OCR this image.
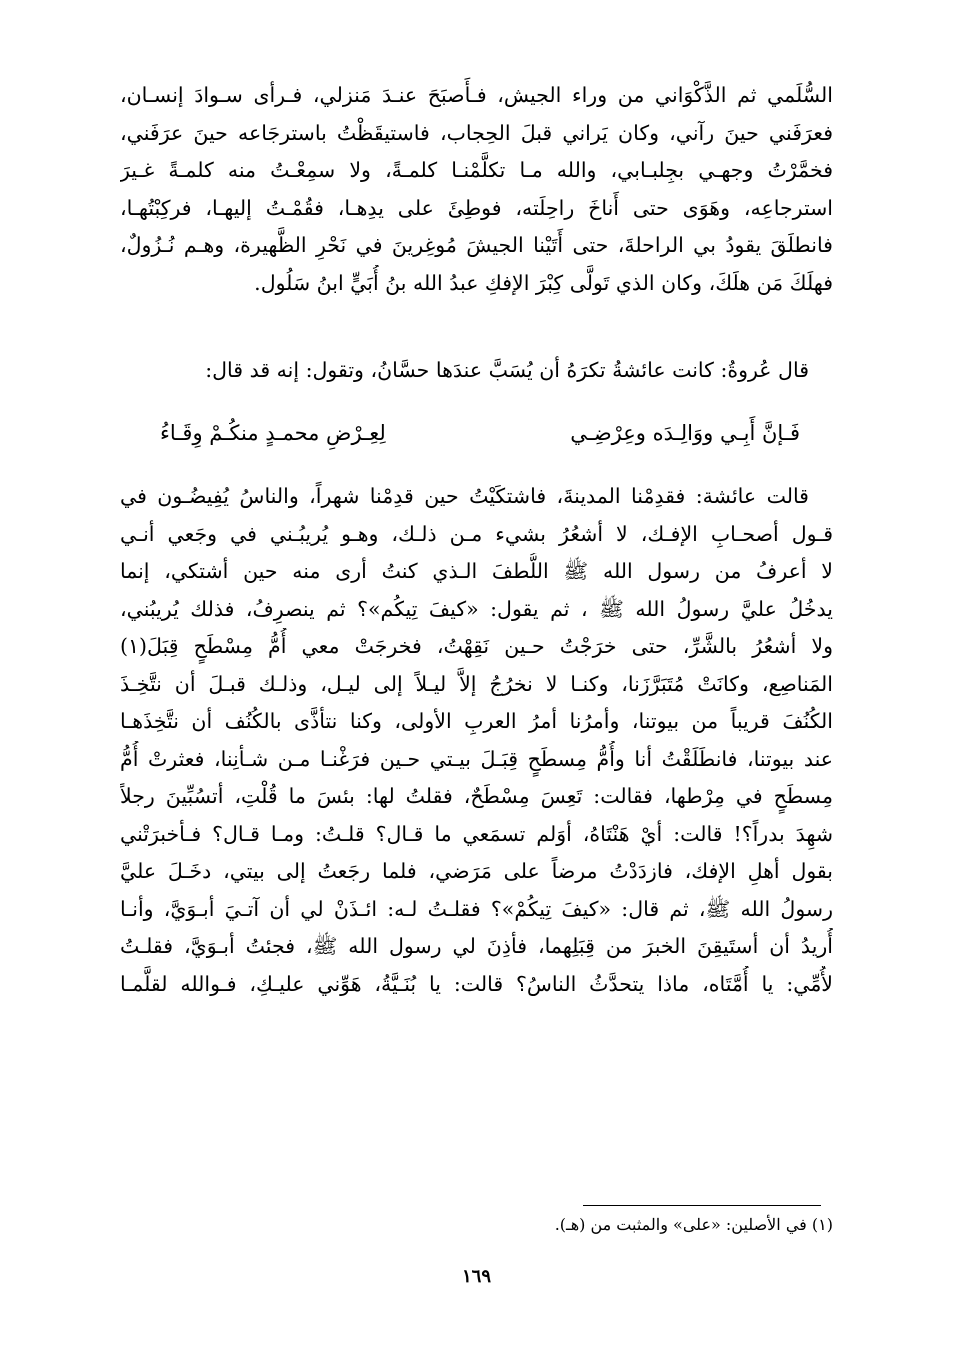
السُّلَمي ثم الذَّكْوَاني من وراء الجيش، فـأَصبَحَ عنـدَ مَنزلي، فـرأى سـوادَ إنسـان،
فعرَفَني حينَ رآني، وكان يَراني قبلَ الحِجاب، فاستيقَظْتُ باسترجَاعه حينَ عرَفَني،
فخمَّرْتُ وجهـي بجِلبـابي، والله مـا تكلَّمْنـا كلمـةً، ولا سمِعْـتُ منه كلمـةً غـيرَ
استرجاعِه، وهَوَى حتى أَناخَ راحِلَته، فوطِئَ على يدِهـا، فقُمْـتُ إليهـا، فركِبْتُهـا،
فانطلَقَ يقودُ بي الراحلةَ، حتى أَتَيْنا الجيشَ مُوغِرينَ في نَحْرِ الظَّهيرة، وهـم نُـزُولٌ،
فهلَكَ مَن هلَكَ، وكان الذي تَولَّى كِبْرَ الإفكِ عبدُ الله بنُ أُبَيٍّ ابنُ سَلُول.
قال عُروةُ: كانت عائشةُ تكرَهُ أن يُسَبَّ عندَها حسَّانُ، وتقول: إنه قد قال:
فَـإنَّ أَبِـي ووَالِـدَه وعِرْضِـي
لِعِـرْضِ محمـدٍ منكُـمْ وِقَـاءُ
قالت عائشة: فقدِمْنا المدينةَ، فاشتكَيْتُ حين قدِمْنا شهراً، والناسُ يُفِيضُـون في
قـول أصحـابِ الإفـك، لا أشعُرُ بشيء مـن ذلـك، وهـو يُريبُـني في وجَعي أنـي
لا أعرفُ من رسول الله ﷺ اللُّطفَ الـذي كنتُ أرى منه حين أشتكي، إنما
يدخُلُ عليَّ رسولُ الله ﷺ ، ثم يقول: «كيفَ تِيكُم»؟ ثم ينصرِفُ، فذلك يُريبُني،
ولا أشعُرُ بالشَّرِّ، حتى خرَجْتُ حـين نَقِهْتُ، فخرجَتْ معي أُمُّ مِسْطَحٍ قِبَلَ(١)
المَناصِع، وكانَتْ مُتَبَرَّزَنا، وكنـا لا نخرُجُ إلاَّ ليـلاً إلى ليـل، وذلـك قبـلَ أن نتَّخِـذَ
الكُنُفَ قريباً من بيوتنا، وأمرُنا أمرُ العربِ الأولى، وكنا نتأذَّى بالكُنُف أن نتَّخِذَهـا
عند بيوتنا، فانطَلَقْتُ أنا وأُمُّ مِسطَحٍ قِبَـلَ بيـتي حـين فرَغْنـا مـن شـأنِنا، فعثرتْ أُمُّ
مِسطَحٍ في مِرْطها، فقالت: تَعِسَ مِسْطَحٌ، فقلتُ لها: بئسَ ما قُلْتِ، أتسُبِّينَ رجلاً
شهِدَ بدراً؟! قالت: أيْ هَنْتَاهُ، أوَلم تسمَعي ما قـال؟ قلـتُ: ومـا قـال؟ فـأخبرَتْني
بقول أهلِ الإفك، فازدَدْتُ مرضاً على مَرَضي، فلما رجَعتُ إلى بيتي، دخَـلَ عليَّ
رسولُ الله ﷺ، ثم قال: «كيفَ تِيكُمْ»؟ فقلـتُ لـه: ائـذَنْ لي أن آتـيَ أبـوَيَّ، وأنـا
أُريدُ أن أستَيقِنَ الخبرَ من قِبَلِهما، فأذِنَ لي رسول الله ﷺ، فجئتُ أبـوَيَّ، فقلـتُ
لأُمِّي: يا أُمَّتَاه، ماذا يتحدَّثُ الناسُ؟ قالت: يا بُنَـيَّةُ، هَوِّني عليـكِ، فـوالله لقلَّمـا
(١) في الأصلين: «على» والمثبت من (هـ).
١٦٩
